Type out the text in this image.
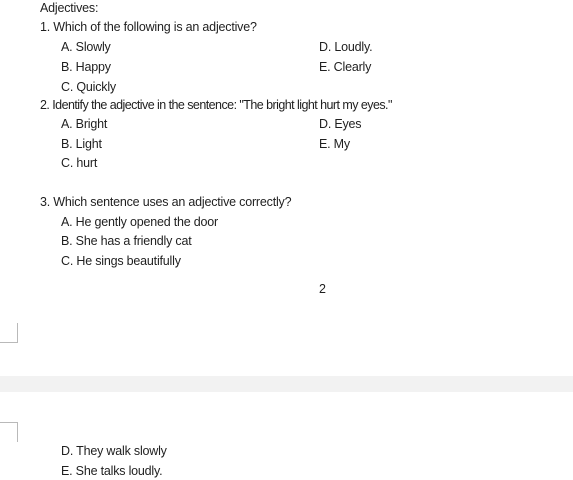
Adjectives:
1. Which of the following is an adjective?
A. Slowly
B. Happy
C. Quickly
D. Loudly.
E. Clearly
2. Identify the adjective in the sentence: "The bright light hurt my eyes."
A. Bright
B. Light
C. hurt
D. Eyes
E. My
3. Which sentence uses an adjective correctly?
A. He gently opened the door
B. She has a friendly cat
C. He sings beautifully
2
D. They walk slowly
E. She talks loudly.
